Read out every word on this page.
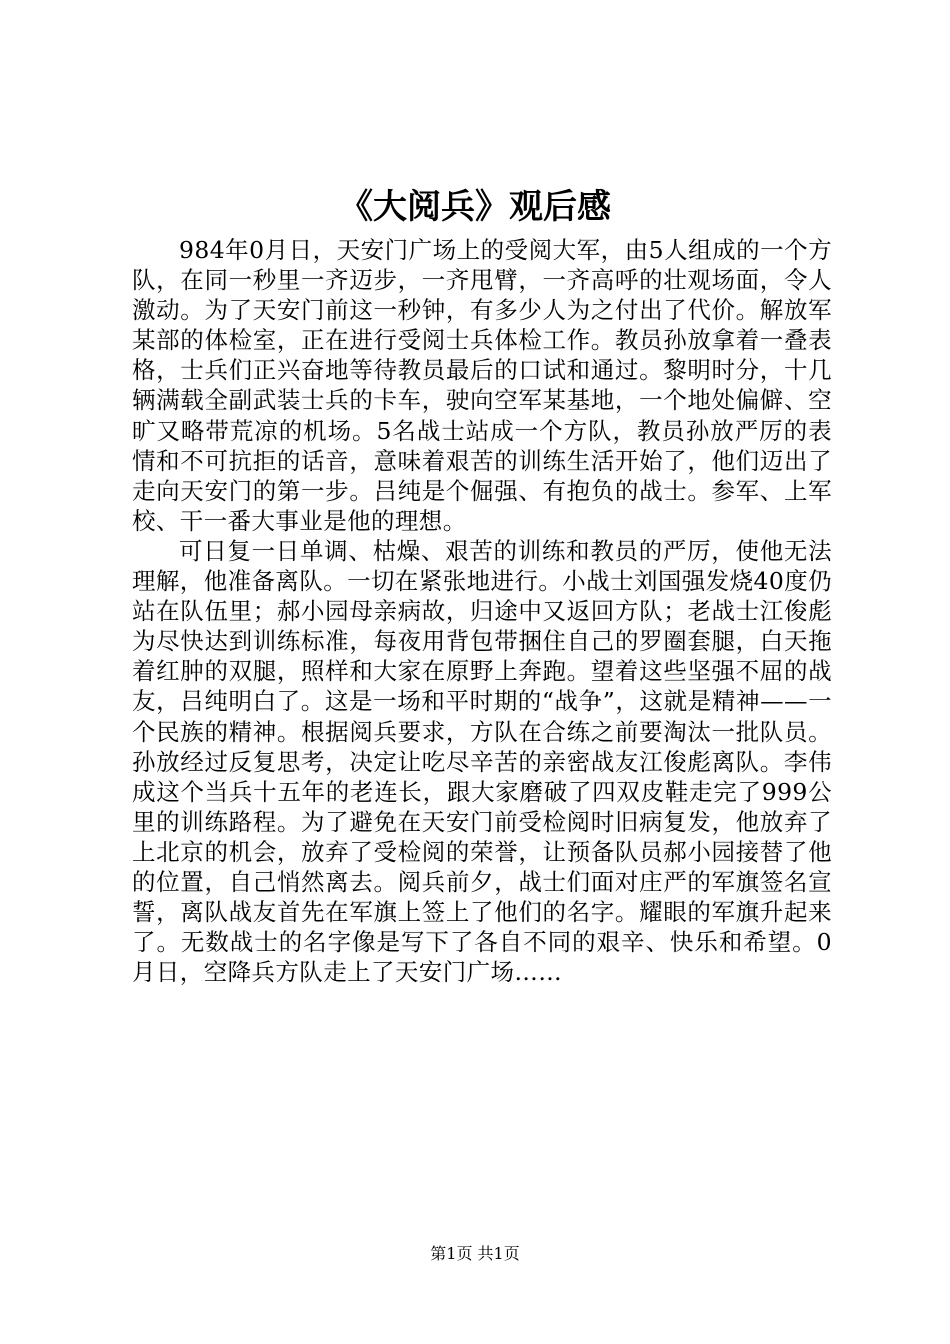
《大阅兵》观后感

984年0月日，天安门广场上的受阅大军，由5人组成的一个方队，在同一秒里一齐迈步，一齐甩臂，一齐高呼的壮观场面，令人激动。为了天安门前这一秒钟，有多少人为之付出了代价。解放军某部的体检室，正在进行受阅士兵体检工作。教员孙放拿着一叠表格，士兵们正兴奋地等待教员最后的口试和通过。黎明时分，十几辆满载全副武装士兵的卡车，驶向空军某基地，一个地处偏僻、空旷又略带荒凉的机场。5名战士站成一个方队，教员孙放严厉的表情和不可抗拒的话音，意味着艰苦的训练生活开始了，他们迈出了走向天安门的第一步。吕纯是个倔强、有抱负的战士。参军、上军校、干一番大事业是他的理想。

可日复一日单调、枯燥、艰苦的训练和教员的严厉，使他无法理解，他准备离队。一切在紧张地进行。小战士刘国强发烧40度仍站在队伍里；郝小园母亲病故，归途中又返回方队；老战士江俊彪为尽快达到训练标准，每夜用背包带捆住自己的罗圈套腿，白天拖着红肿的双腿，照样和大家在原野上奔跑。望着这些坚强不屈的战友，吕纯明白了。这是一场和平时期的“战争”，这就是精神——一个民族的精神。根据阅兵要求，方队在合练之前要淘汰一批队员。孙放经过反复思考，决定让吃尽辛苦的亲密战友江俊彪离队。李伟成这个当兵十五年的老连长，跟大家磨破了四双皮鞋走完了999公里的训练路程。为了避免在天安门前受检阅时旧病复发，他放弃了上北京的机会，放弃了受检阅的荣誉，让预备队员郝小园接替了他的位置，自己悄然离去。阅兵前夕，战士们面对庄严的军旗签名宣誓，离队战友首先在军旗上签上了他们的名字。耀眼的军旗升起来了。无数战士的名字像是写下了各自不同的艰辛、快乐和希望。0月日，空降兵方队走上了天安门广场……

第1页 共1页
